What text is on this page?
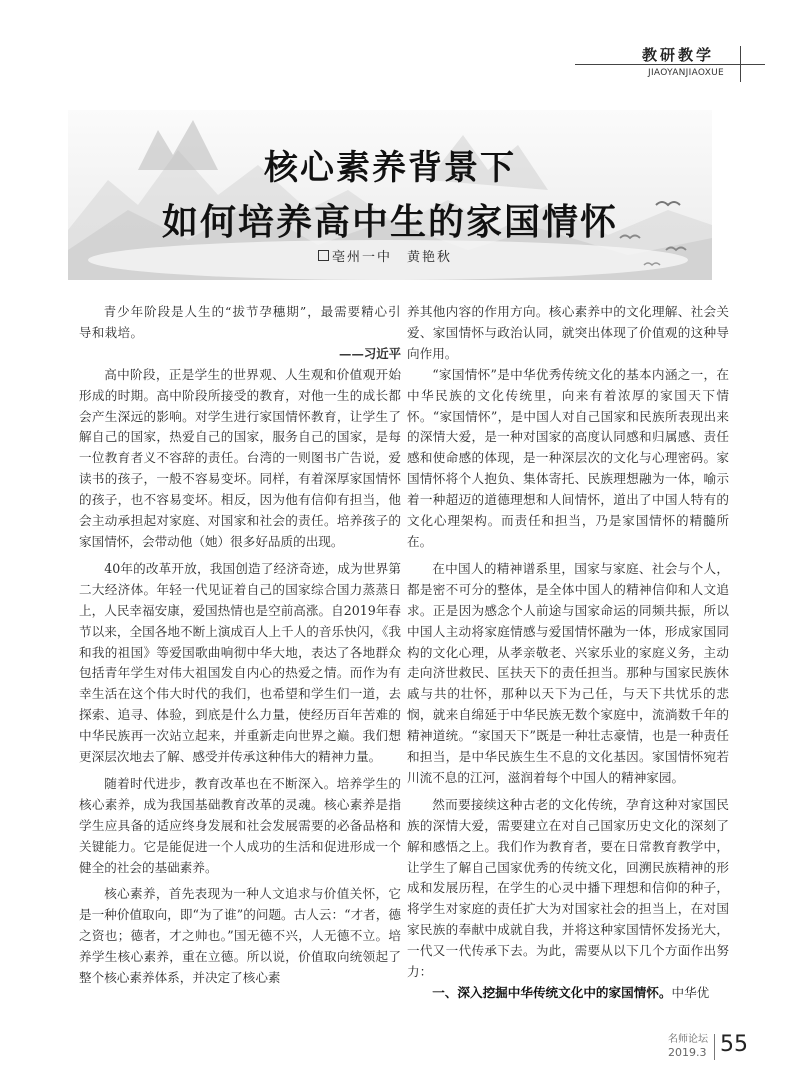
教研教学
JIAOYANJIAOXUE
核心素养背景下
如何培养高中生的家国情怀
亳州一中　黄艳秋

青少年阶段是人生的“拔节孕穗期”，最需要精心引导和栽培。

——习近平

高中阶段，正是学生的世界观、人生观和价值观开始形成的时期。高中阶段所接受的教育，对他一生的成长都会产生深远的影响。对学生进行家国情怀教育，让学生了解自己的国家，热爱自己的国家，服务自己的国家，是每一位教育者义不容辞的责任。台湾的一则图书广告说，爱读书的孩子，一般不容易变坏。同样，有着深厚家国情怀的孩子，也不容易变坏。相反，因为他有信仰有担当，他会主动承担起对家庭、对国家和社会的责任。培养孩子的家国情怀，会带动他（她）很多好品质的出现。

40年的改革开放，我国创造了经济奇迹，成为世界第二大经济体。年轻一代见证着自己的国家综合国力蒸蒸日上，人民幸福安康，爱国热情也是空前高涨。自2019年春节以来，全国各地不断上演成百人上千人的音乐快闪，《我和我的祖国》等爱国歌曲响彻中华大地，表达了各地群众包括青年学生对伟大祖国发自内心的热爱之情。而作为有幸生活在这个伟大时代的我们，也希望和学生们一道，去探索、追寻、体验，到底是什么力量，使经历百年苦难的中华民族再一次站立起来，并重新走向世界之巅。我们想更深层次地去了解、感受并传承这种伟大的精神力量。

随着时代进步，教育改革也在不断深入。培养学生的核心素养，成为我国基础教育改革的灵魂。核心素养是指学生应具备的适应终身发展和社会发展需要的必备品格和关键能力。它是能促进一个人成功的生活和促进形成一个健全的社会的基础素养。

核心素养，首先表现为一种人文追求与价值关怀，它是一种价值取向，即“为了谁”的问题。古人云：“才者，德之资也；德者，才之帅也。”国无德不兴，人无德不立。培养学生核心素养，重在立德。所以说，价值取向统领起了整个核心素养体系，并决定了核心素

养其他内容的作用方向。核心素养中的文化理解、社会关爱、家国情怀与政治认同，就突出体现了价值观的这种导向作用。

“家国情怀”是中华优秀传统文化的基本内涵之一，在中华民族的文化传统里，向来有着浓厚的家国天下情怀。“家国情怀”，是中国人对自己国家和民族所表现出来的深情大爱，是一种对国家的高度认同感和归属感、责任感和使命感的体现，是一种深层次的文化与心理密码。家国情怀将个人抱负、集体寄托、民族理想融为一体，喻示着一种超迈的道德理想和人间情怀，道出了中国人特有的文化心理架构。而责任和担当，乃是家国情怀的精髓所在。

在中国人的精神谱系里，国家与家庭、社会与个人，都是密不可分的整体，是全体中国人的精神信仰和人文追求。正是因为感念个人前途与国家命运的同频共振，所以中国人主动将家庭情感与爱国情怀融为一体，形成家国同构的文化心理，从孝亲敬老、兴家乐业的家庭义务，主动走向济世救民、匡扶天下的责任担当。那种与国家民族休戚与共的壮怀，那种以天下为己任，与天下共忧乐的悲悯，就来自绵延于中华民族无数个家庭中，流淌数千年的精神道统。“家国天下”既是一种壮志豪情，也是一种责任和担当，是中华民族生生不息的文化基因。家国情怀宛若川流不息的江河，滋润着每个中国人的精神家园。

然而要接续这种古老的文化传统，孕育这种对家国民族的深情大爱，需要建立在对自己国家历史文化的深刻了解和感悟之上。我们作为教育者，要在日常教育教学中，让学生了解自己国家优秀的传统文化，回溯民族精神的形成和发展历程，在学生的心灵中播下理想和信仰的种子，将学生对家庭的责任扩大为对国家社会的担当上，在对国家民族的奉献中成就自我，并将这种家国情怀发扬光大，一代又一代传承下去。为此，需要从以下几个方面作出努力：

一、深入挖掘中华传统文化中的家国情怀。中华优

名师论坛
2019.3 55
